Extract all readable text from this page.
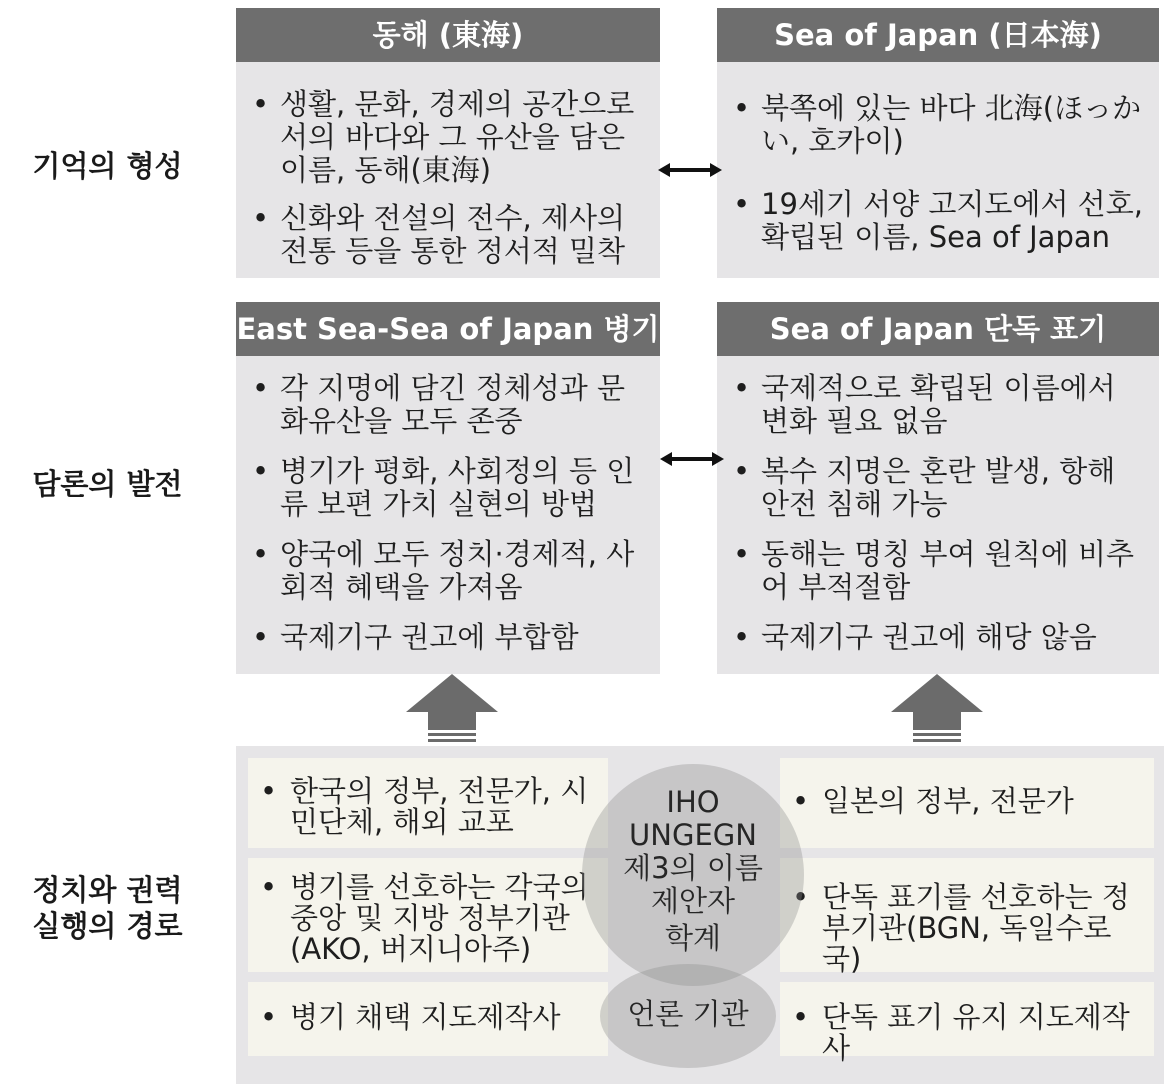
기억의 형성
담론의 발전
정치와 권력
실행의 경로
동해 (東海)
• 생활, 문화, 경제의 공간으로서의 바다와 그 유산을 담은 이름, 동해(東海)
• 신화와 전설의 전수, 제사의 전통 등을 통한 정서적 밀착
Sea of Japan (日本海)
• 북쪽에 있는 바다 北海(ほっかい, 호카이)
• 19세기 서양 고지도에서 선호, 확립된 이름, Sea of Japan
East Sea-Sea of Japan 병기
• 각 지명에 담긴 정체성과 문화유산을 모두 존중
• 병기가 평화, 사회정의 등 인류 보편 가치 실현의 방법
• 양국에 모두 정치·경제적, 사회적 혜택을 가져옴
• 국제기구 권고에 부합함
Sea of Japan 단독 표기
• 국제적으로 확립된 이름에서 변화 필요 없음
• 복수 지명은 혼란 발생, 항해 안전 침해 가능
• 동해는 명칭 부여 원칙에 비추어 부적절함
• 국제기구 권고에 해당 않음
• 한국의 정부, 전문가, 시민단체, 해외 교포
• 병기를 선호하는 각국의 중앙 및 지방 정부기관(AKO, 버지니아주)
• 병기 채택 지도제작사
• 일본의 정부, 전문가
• 단독 표기를 선호하는 정부기관(BGN, 독일수로국)
• 단독 표기 유지 지도제작사
IHO
UNGEGN
제3의 이름
제안자
학계
언론 기관
